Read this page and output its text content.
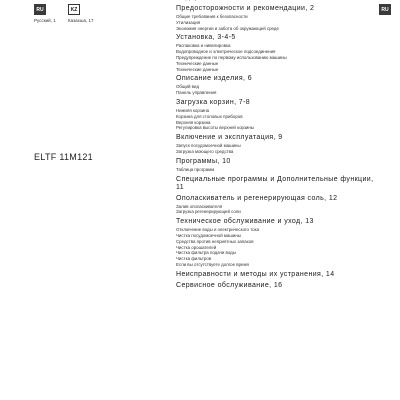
RU	KZ	RU
Русский, 1	Казахша, 17
ELTF 11M121
Предосторожности и рекомендации, 2
Общие требования к безопасности
Утилизация
Экономия энергии и забота об окружающей среде
Установка, 3-4-5
Распаковка и нивелировка
Водопроводное и электрическое подсоединения
Предупреждение по первому использованию машины
Технические данные
Технические данные
Описание изделия, 6
Общий вид
Панель управления
Загрузка корзин, 7-8
Нижняя корзина
Корзина для столовых приборов
Верхняя корзина
Регулировка высоты верхней корзины
Включение и эксплуатация, 9
Запуск посудомоечной машины
Загрузка моющего средства
Программы, 10
Таблица программ
Специальные программы и Дополнительные функции, 11
Ополаскиватель и регенерирующая соль, 12
Залив ополаскивателя
Загрузка регенерирующей соли
Техническое обслуживание и уход, 13
Отключение воды и электрического тока
Чистка посудомоечной машины
Средства против неприятных запахов
Чистка орошателей
Чистка фильтра подачи воды
Чистка фильтров
Если вы отсутствуете долгое время
Неисправности и методы их устранения, 14
Сервисное обслуживание, 16
